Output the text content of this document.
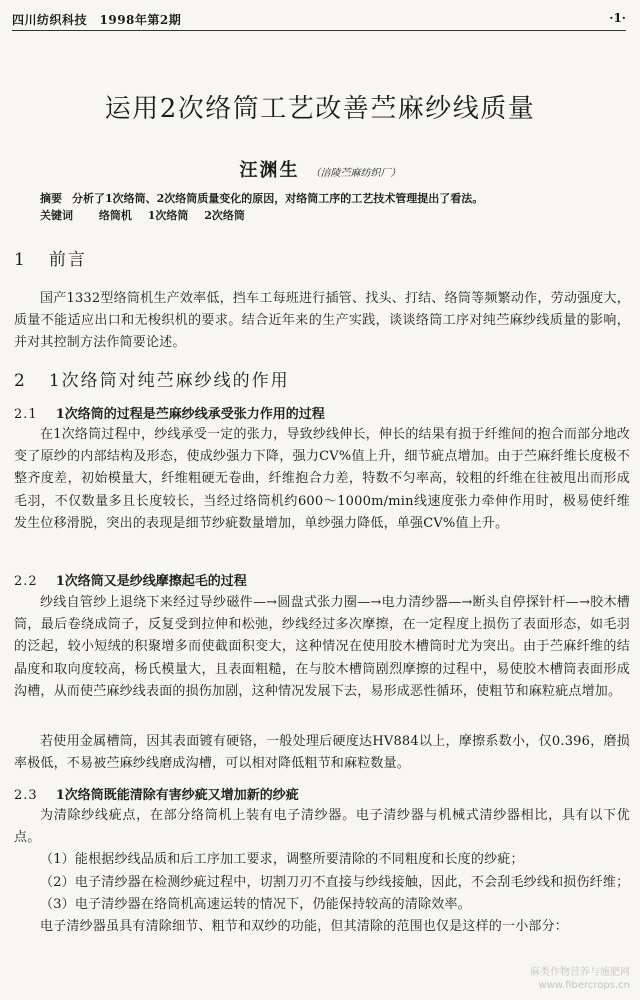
四川纺织科技　1998年第2期	·1·
运用2次络筒工艺改善苎麻纱线质量
汪渊生 （涪陵苎麻纺织厂）
摘要 分析了1次络筒、2次络筒质量变化的原因，对络筒工序的工艺技术管理提出了看法。
关键词 络筒机 1次络筒 2次络筒
1 前言
国产1332型络筒机生产效率低，挡车工每班进行插管、找头、打结、络筒等频繁动作，劳动强度大，质量不能适应出口和无梭织机的要求。结合近年来的生产实践，谈谈络筒工序对纯苎麻纱线质量的影响，并对其控制方法作简要论述。
2 1次络筒对纯苎麻纱线的作用
2.1 1次络筒的过程是苎麻纱线承受张力作用的过程
在1次络筒过程中，纱线承受一定的张力，导致纱线伸长，伸长的结果有损于纤维间的抱合而部分地改变了原纱的内部结构及形态，使成纱强力下降，强力CV%值上升，细节疵点增加。由于苎麻纤维长度极不整齐度差，初始模量大，纤维粗硬无卷曲，纤维抱合力差，特数不匀率高，较粗的纤维在往被甩出而形成毛羽，不仅数量多且长度较长，当经过络筒机约600～1000m/min线速度张力牵伸作用时，极易使纤维发生位移滑脱，突出的表现是细节纱疵数量增加，单纱强力降低，单强CV%值上升。
2.2 1次络筒又是纱线摩擦起毛的过程
纱线自管纱上退绕下来经过导纱磁件—→圆盘式张力圈—→电力清纱器—→断头自停探针杆—→胶木槽筒，最后卷绕成筒子，反复受到拉伸和松弛，纱线经过多次摩擦，在一定程度上损伤了表面形态，如毛羽的泛起，较小短绒的积聚增多而使截面积变大，这种情况在使用胶木槽筒时尤为突出。由于苎麻纤维的结晶度和取向度较高，杨氏模量大，且表面粗糙，在与胶木槽筒剧烈摩擦的过程中，易使胶木槽筒表面形成沟槽，从而使苎麻纱线表面的损伤加剧，这种情况发展下去，易形成恶性循环，使粗节和麻粒疵点增加。
若使用金属槽筒，因其表面镀有硬铬，一般处理后硬度达HV884以上，摩擦系数小，仅0.396，磨损率极低，不易被苎麻纱线磨成沟槽，可以相对降低粗节和麻粒数量。
2.3 1次络筒既能清除有害纱疵又增加新的纱疵
为清除纱线疵点，在部分络筒机上装有电子清纱器。电子清纱器与机械式清纱器相比，具有以下优点。
（1）能根据纱线品质和后工序加工要求，调整所要清除的不同粗度和长度的纱疵；
（2）电子清纱器在检测纱疵过程中，切割刀刃不直接与纱线接触，因此，不会刮毛纱线和损伤纤维；
（3）电子清纱器在络筒机高速运转的情况下，仍能保持较高的清除效率。
电子清纱器虽具有清除细节、粗节和双纱的功能，但其清除的范围也仅是这样的一小部分：
麻类作物营养与施肥网
www.fibercrops.cn
